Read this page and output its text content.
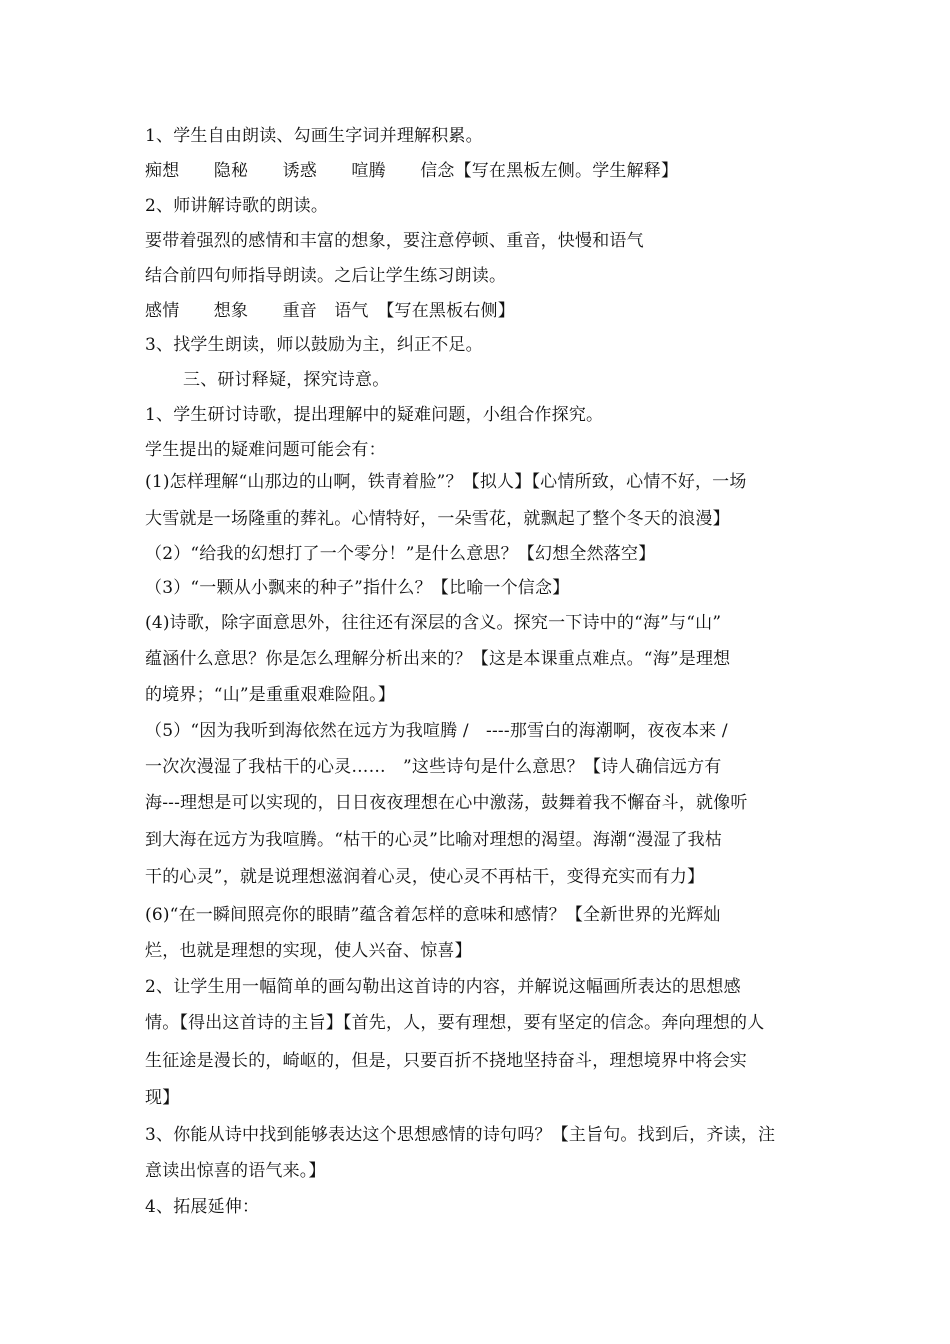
1、学生自由朗读、勾画生字词并理解积累。
痴想　　隐秘　　诱惑　　喧腾　　信念【写在黑板左侧。学生解释】
2、师讲解诗歌的朗读。
要带着强烈的感情和丰富的想象，要注意停顿、重音，快慢和语气
结合前四句师指导朗读。之后让学生练习朗读。
感情　　想象　　重音　语气　【写在黑板右侧】
3、找学生朗读，师以鼓励为主，纠正不足。
三、研讨释疑，探究诗意。
1、学生研讨诗歌，提出理解中的疑难问题，小组合作探究。
学生提出的疑难问题可能会有：
(1)怎样理解“山那边的山啊，铁青着脸”？【拟人】【心情所致，心情不好，一场
大雪就是一场隆重的葬礼。心情特好，一朵雪花，就飘起了整个冬天的浪漫】
（2）“给我的幻想打了一个零分！”是什么意思？【幻想全然落空】
（3）“一颗从小飘来的种子”指什么？【比喻一个信念】
(4)诗歌，除字面意思外，往往还有深层的含义。探究一下诗中的“海”与“山”
蕴涵什么意思？你是怎么理解分析出来的？【这是本课重点难点。“海”是理想
的境界；“山”是重重艰难险阻。】
（5）“因为我听到海依然在远方为我喧腾 /　----那雪白的海潮啊，夜夜本来 /
一次次漫湿了我枯干的心灵……　”这些诗句是什么意思？【诗人确信远方有
海---理想是可以实现的，日日夜夜理想在心中激荡，鼓舞着我不懈奋斗，就像听
到大海在远方为我喧腾。“枯干的心灵”比喻对理想的渴望。海潮“漫湿了我枯
干的心灵”，就是说理想滋润着心灵，使心灵不再枯干，变得充实而有力】
(6)“在一瞬间照亮你的眼睛”蕴含着怎样的意味和感情？【全新世界的光辉灿
烂，也就是理想的实现，使人兴奋、惊喜】
2、让学生用一幅简单的画勾勒出这首诗的内容，并解说这幅画所表达的思想感
情。【得出这首诗的主旨】【首先，人，要有理想，要有坚定的信念。奔向理想的人
生征途是漫长的，崎岖的，但是，只要百折不挠地坚持奋斗，理想境界中将会实
现】
3、你能从诗中找到能够表达这个思想感情的诗句吗？【主旨句。找到后，齐读，注
意读出惊喜的语气来。】
4、拓展延伸：
